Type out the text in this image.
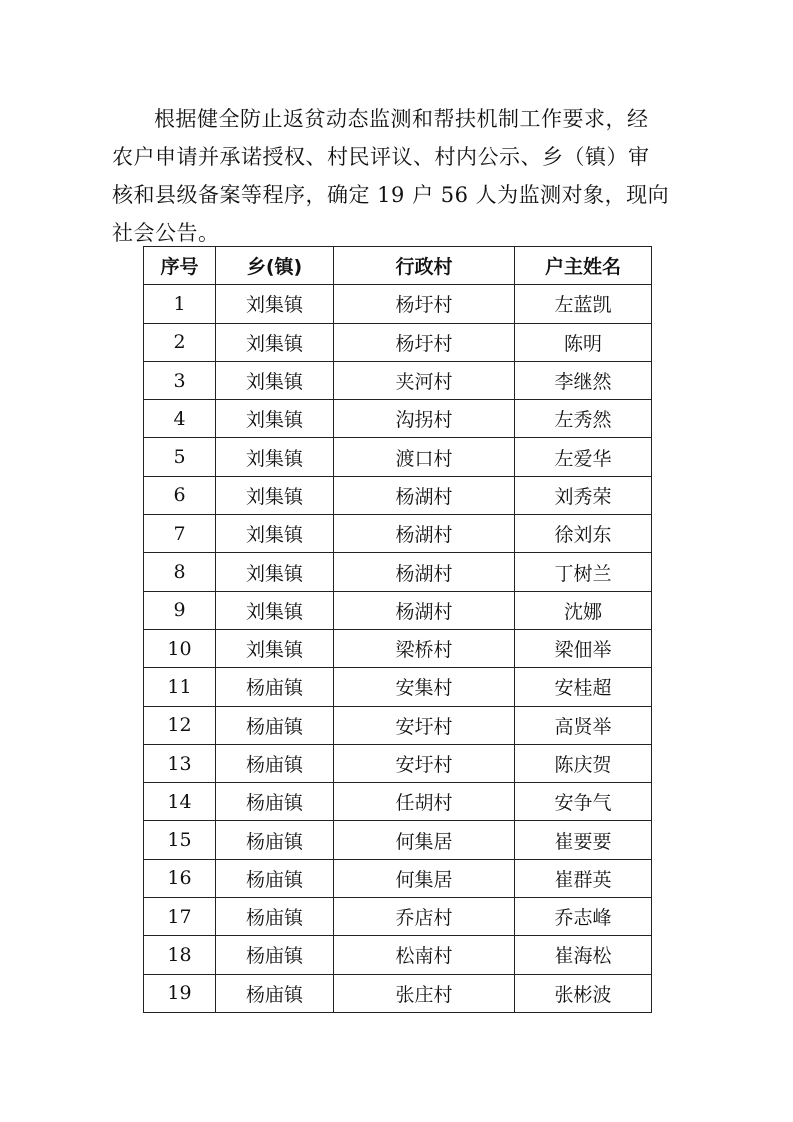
根据健全防止返贫动态监测和帮扶机制工作要求，经
农户申请并承诺授权、村民评议、村内公示、乡（镇）审
核和县级备案等程序，确定 19 户 56 人为监测对象，现向
社会公告。
序号	乡(镇)	行政村	户主姓名
1	刘集镇	杨圩村	左蓝凯
2	刘集镇	杨圩村	陈明
3	刘集镇	夹河村	李继然
4	刘集镇	沟拐村	左秀然
5	刘集镇	渡口村	左爱华
6	刘集镇	杨湖村	刘秀荣
7	刘集镇	杨湖村	徐刘东
8	刘集镇	杨湖村	丁树兰
9	刘集镇	杨湖村	沈娜
10	刘集镇	梁桥村	梁佃举
11	杨庙镇	安集村	安桂超
12	杨庙镇	安圩村	高贤举
13	杨庙镇	安圩村	陈庆贺
14	杨庙镇	任胡村	安争气
15	杨庙镇	何集居	崔要要
16	杨庙镇	何集居	崔群英
17	杨庙镇	乔店村	乔志峰
18	杨庙镇	松南村	崔海松
19	杨庙镇	张庄村	张彬波
